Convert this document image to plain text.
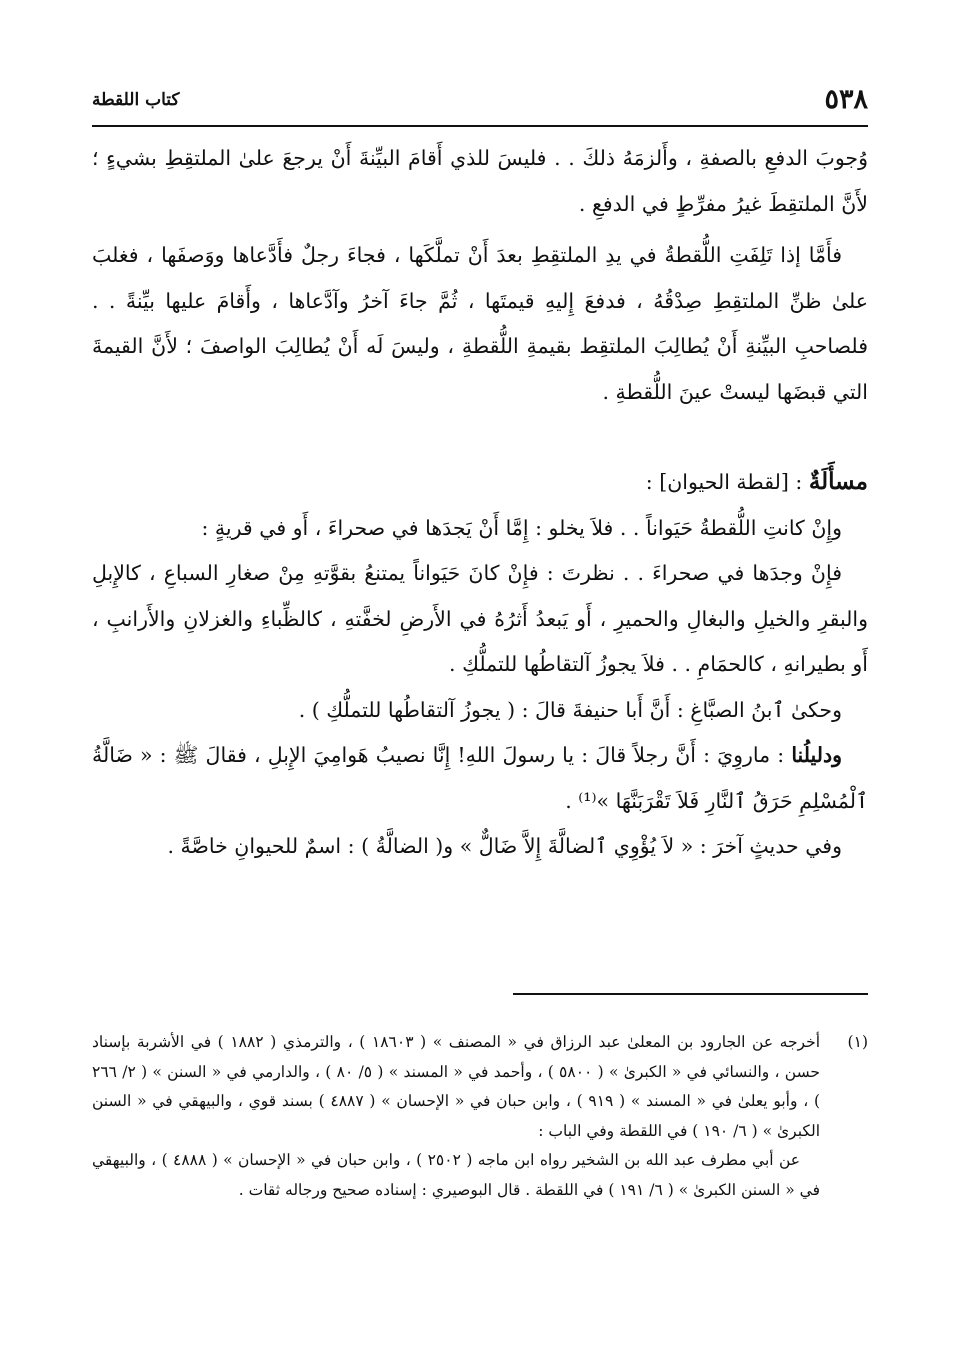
٥٣٨
كتاب اللقطة

وُجوبَ الدفعِ بالصفةِ ، وأَلزمَهُ ذلكَ . . فليسَ للذي أَقامَ البيِّنةَ أَنْ يرجعَ علىٰ الملتقِطِ بشيءٍ ؛ لأَنَّ الملتقِطَ غيرُ مفرِّطٍ في الدفعِ .

فأَمَّا إذا تَلِفَتِ اللُّقطةُ في يدِ الملتقِطِ بعدَ أَنْ تملَّكَها ، فجاءَ رجلٌ فأَدَّعاها ووَصفَها ، فغلبَ علىٰ ظنِّ الملتقِطِ صِدْقُهُ ، فدفعَ إِليهِ قيمتَها ، ثُمَّ جاءَ آخرُ وآدَّعاها ، وأَقامَ عليها بيِّنةً . . فلصاحبِ البيِّنةِ أَنْ يُطالِبَ الملتقِط بقيمةِ اللُّقطةِ ، وليسَ لَه أَنْ يُطالِبَ الواصفَ ؛ لأَنَّ القيمةَ التي قبضَها ليستْ عينَ اللُّقطةِ .

مسأَلَةٌ : [لقطة الحيوان] :

وإِنْ كانتِ اللُّقطةُ حَيَواناً . . فلاَ يخلو : إِمَّا أَنْ يَجدَها في صحراءَ ، أَو في قريةٍ :

فإِنْ وجدَها في صحراءَ . . نظرتَ : فإِنْ كانَ حَيَواناً يمتنعُ بقوَّتهِ مِنْ صغارِ السباعِ ، كالإِبلِ والبقرِ والخيلِ والبغالِ والحميرِ ، أَو يَبعدُ أَثرُهُ في الأَرضِ لخفَّتهِ ، كالظِّباءِ والغزلانِ والأَرانبِ ، أَو بطيرانهِ ، كالحمَامِ . . فلاَ يجوزُ آلتقاطُها للتملُّكِ .

وحكىٰ ٱبنُ الصبَّاغِ : أَنَّ أَبا حنيفةَ قالَ : ( يجوزُ آلتقاطُها للتملُّكِ ) .

ودليلُنا : ماروِيَ : أَنَّ رجلاً قالَ : يا رسولَ اللهِ! إِنَّا نصيبُ هَوامِيَ الإِبلِ ، فقالَ ﷺ : « ضَالَّةُ ٱلْمُسْلِمِ حَرَقُ ٱلنَّارِ فَلاَ تَقْرَبَنَّهَا »⁽¹⁾ .

وفي حديثٍ آخرَ : « لاَ يُؤْوِي ٱلضالَّةَ إِلاَّ ضَالٌّ » و( الضالَّةُ ) : اسمٌ للحيوانِ خاصَّةً .

(١)
أخرجه عن الجارود بن المعلىٰ عبد الرزاق في « المصنف » ( ١٨٦٠٣ ) ، والترمذي ( ١٨٨٢ ) في الأشربة بإسناد حسن ، والنسائي في « الكبرىٰ » ( ٥٨٠٠ ) ، وأحمد في « المسند » ( ٥/ ٨٠ ) ، والدارمي في « السنن » ( ٢/ ٢٦٦ ) ، وأبو يعلىٰ في « المسند » ( ٩١٩ ) ، وابن حبان في « الإحسان » ( ٤٨٨٧ ) بسند قوي ، والبيهقي في « السنن الكبرىٰ » ( ٦/ ١٩٠ ) في اللقطة وفي الباب :

عن أبي مطرف عبد الله بن الشخير رواه ابن ماجه ( ٢٥٠٢ ) ، وابن حبان في « الإحسان » ( ٤٨٨٨ ) ، والبيهقي في « السنن الكبرىٰ » ( ٦/ ١٩١ ) في اللقطة . قال البوصيري : إسناده صحيح ورجاله ثقات .
